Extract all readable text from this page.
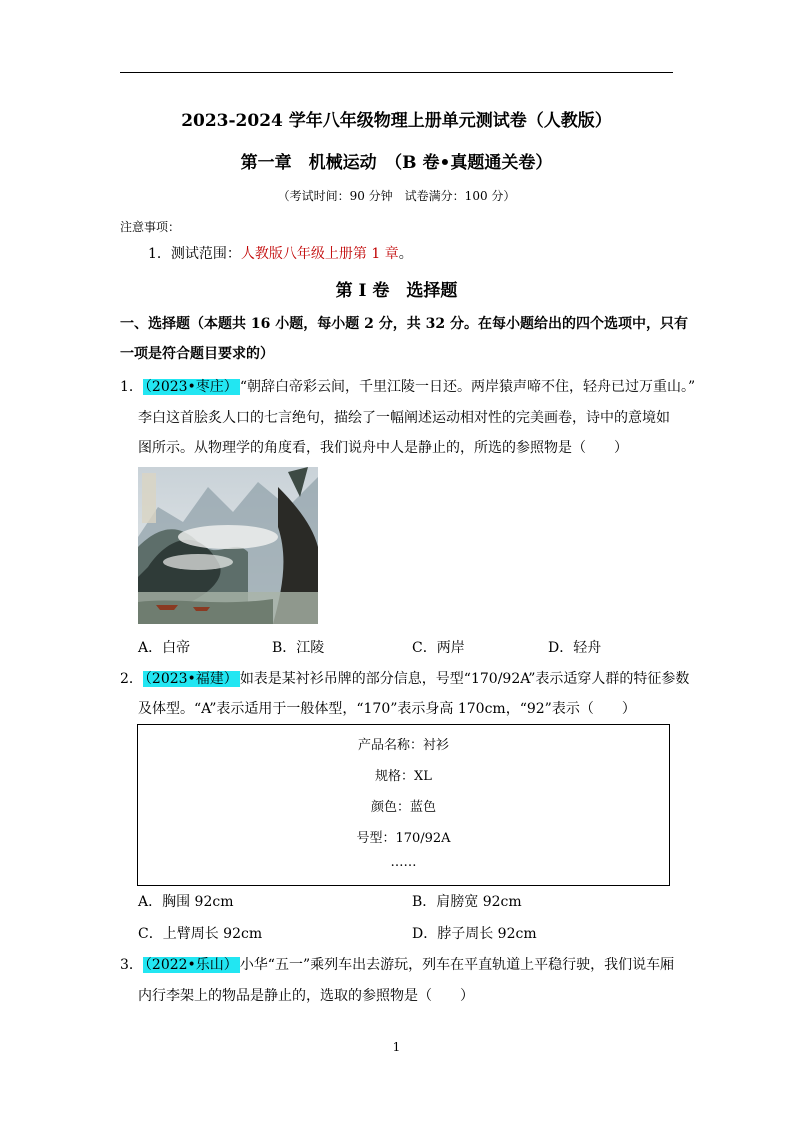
2023-2024 学年八年级物理上册单元测试卷（人教版）
第一章　机械运动　（B 卷•真题通关卷）
（考试时间：90 分钟　试卷满分：100 分）
注意事项：
1．测试范围：人教版八年级上册第 1 章。
第 I 卷　选择题
一、选择题（本题共 16 小题，每小题 2 分，共 32 分。在每小题给出的四个选项中，只有
一项是符合题目要求的）
1． （2023•枣庄） “朝辞白帝彩云间，千里江陵一日还。两岸猿声啼不住，轻舟已过万重山。”
李白这首脍炙人口的七言绝句，描绘了一幅阐述运动相对性的完美画卷，诗中的意境如
图所示。从物理学的角度看，我们说舟中人是静止的，所选的参照物是（　　）
A．白帝	B．江陵	C．两岸	D．轻舟
2． （2023•福建） 如表是某衬衫吊牌的部分信息，号型“170/92A”表示适穿人群的特征参数
及体型。“A”表示适用于一般体型，“170”表示身高 170cm，“92”表示（　　）
产品名称：衬衫
规格：XL
颜色：蓝色
号型：170/92A
……
A．胸围 92cm	B．肩膀宽 92cm
C．上臂周长 92cm	D．脖子周长 92cm
3． （2022•乐山） 小华“五一”乘列车出去游玩，列车在平直轨道上平稳行驶，我们说车厢
内行李架上的物品是静止的，选取的参照物是（　　）
1
